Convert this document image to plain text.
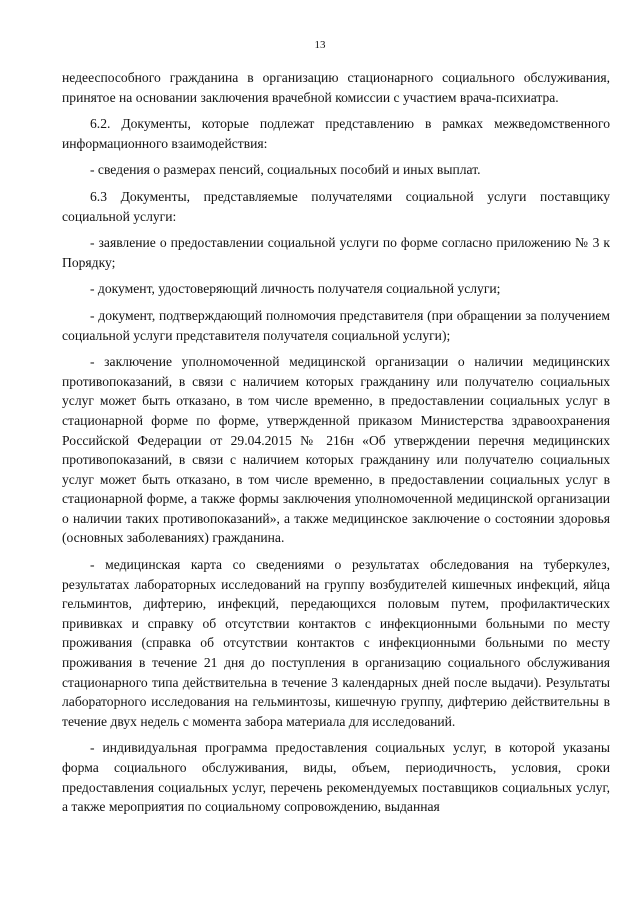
13

недееспособного гражданина в организацию стационарного социального обслуживания, принятое на основании заключения врачебной комиссии с участием врача-психиатра.

6.2. Документы, которые подлежат представлению в рамках межведомственного информационного взаимодействия:

- сведения о размерах пенсий, социальных пособий и иных выплат.

6.3 Документы, представляемые получателями социальной услуги поставщику социальной услуги:

- заявление о предоставлении социальной услуги по форме согласно приложению № 3 к Порядку;

- документ, удостоверяющий личность получателя социальной услуги;

- документ, подтверждающий полномочия представителя (при обращении за получением социальной услуги представителя получателя социальной услуги);

- заключение уполномоченной медицинской организации о наличии медицинских противопоказаний, в связи с наличием которых гражданину или получателю социальных услуг может быть отказано, в том числе временно, в предоставлении социальных услуг в стационарной форме по форме, утвержденной приказом Министерства здравоохранения Российской Федерации от 29.04.2015 № 216н «Об утверждении перечня медицинских противопоказаний, в связи с наличием которых гражданину или получателю социальных услуг может быть отказано, в том числе временно, в предоставлении социальных услуг в стационарной форме, а также формы заключения уполномоченной медицинской организации о наличии таких противопоказаний», а также медицинское заключение о состоянии здоровья (основных заболеваниях) гражданина.

- медицинская карта со сведениями о результатах обследования на туберкулез, результатах лабораторных исследований на группу возбудителей кишечных инфекций, яйца гельминтов, дифтерию, инфекций, передающихся половым путем, профилактических прививках и справку об отсутствии контактов с инфекционными больными по месту проживания (справка об отсутствии контактов с инфекционными больными по месту проживания в течение 21 дня до поступления в организацию социального обслуживания стационарного типа действительна в течение 3 календарных дней после выдачи). Результаты лабораторного исследования на гельминтозы, кишечную группу, дифтерию действительны в течение двух недель с момента забора материала для исследований.

- индивидуальная программа предоставления социальных услуг, в которой указаны форма социального обслуживания, виды, объем, периодичность, условия, сроки предоставления социальных услуг, перечень рекомендуемых поставщиков социальных услуг, а также мероприятия по социальному сопровождению, выданная
